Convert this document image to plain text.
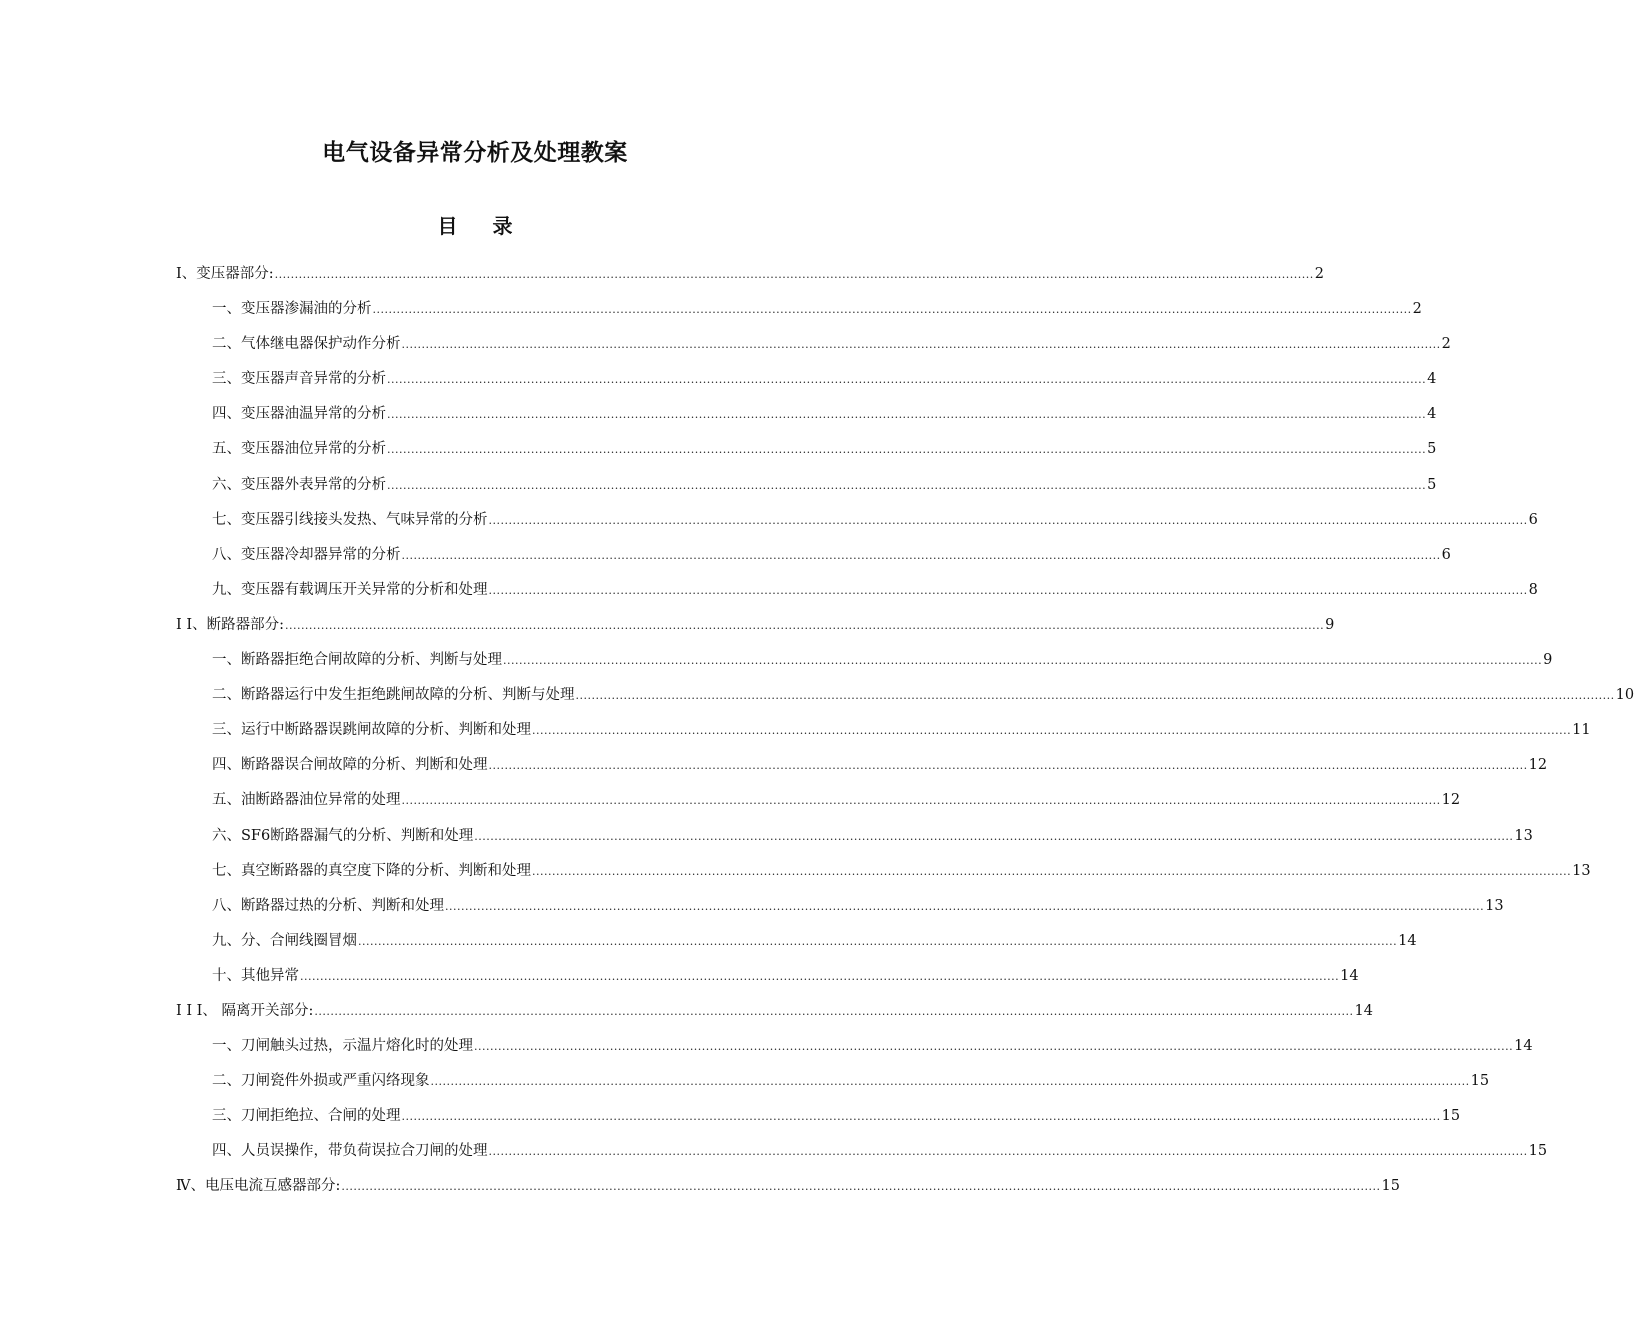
电气设备异常分析及处理教案
目 录
I、变压器部分: .................................................................................................................................................................................................................................................................... 2
一、变压器渗漏油的分析 .................................................................................................................................................................................................................................................................... 2
二、气体继电器保护动作分析 .................................................................................................................................................................................................................................................................... 2
三、变压器声音异常的分析 .................................................................................................................................................................................................................................................................... 4
四、变压器油温异常的分析 .................................................................................................................................................................................................................................................................... 4
五、变压器油位异常的分析 .................................................................................................................................................................................................................................................................... 5
六、变压器外表异常的分析 .................................................................................................................................................................................................................................................................... 5
七、变压器引线接头发热、气味异常的分析 .................................................................................................................................................................................................................................................................... 6
八、变压器冷却器异常的分析 .................................................................................................................................................................................................................................................................... 6
九、变压器有载调压开关异常的分析和处理 .................................................................................................................................................................................................................................................................... 8
I I、断路器部分: .................................................................................................................................................................................................................................................................... 9
一、断路器拒绝合闸故障的分析、判断与处理 .................................................................................................................................................................................................................................................................... 9
二、断路器运行中发生拒绝跳闸故障的分析、判断与处理 .................................................................................................................................................................................................................................................................... 10
三、运行中断路器误跳闸故障的分析、判断和处理 .................................................................................................................................................................................................................................................................... 11
四、断路器误合闸故障的分析、判断和处理 .................................................................................................................................................................................................................................................................... 12
五、油断路器油位异常的处理 .................................................................................................................................................................................................................................................................... 12
六、SF6断路器漏气的分析、判断和处理 .................................................................................................................................................................................................................................................................... 13
七、真空断路器的真空度下降的分析、判断和处理 .................................................................................................................................................................................................................................................................... 13
八、断路器过热的分析、判断和处理 .................................................................................................................................................................................................................................................................... 13
九、分、合闸线圈冒烟 .................................................................................................................................................................................................................................................................... 14
十、其他异常 .................................................................................................................................................................................................................................................................... 14
I I I、 隔离开关部分: .................................................................................................................................................................................................................................................................... 14
一、刀闸触头过热，示温片熔化时的处理 .................................................................................................................................................................................................................................................................... 14
二、刀闸瓷件外损或严重闪络现象 .................................................................................................................................................................................................................................................................... 15
三、刀闸拒绝拉、合闸的处理 .................................................................................................................................................................................................................................................................... 15
四、人员误操作，带负荷误拉合刀闸的处理 .................................................................................................................................................................................................................................................................... 15
Ⅳ、电压电流互感器部分: .................................................................................................................................................................................................................................................................... 15
